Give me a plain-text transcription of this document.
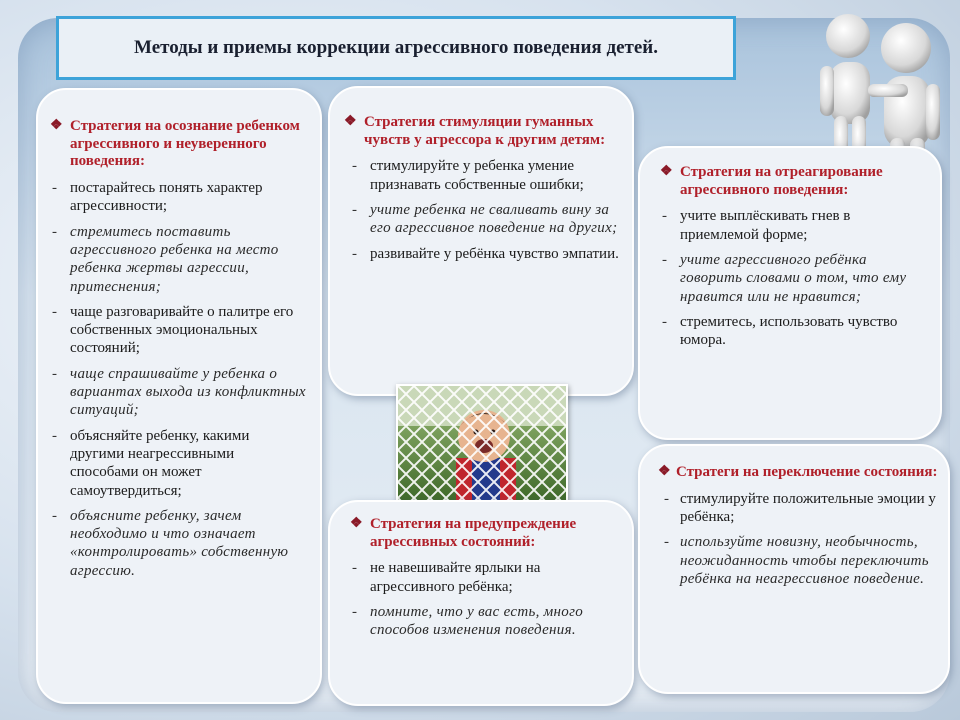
Методы и приемы коррекции агрессивного поведения детей.
❖ Стратегия на осознание ребенком агрессивного и неуверенного поведения:
- постарайтесь понять характер агрессивности;
- стремитесь поставить агрессивного ребенка на место ребенка жертвы агрессии, притеснения;
- чаще разговаривайте о палитре его собственных эмоциональных состояний;
- чаще спрашивайте у ребенка о вариантах выхода из конфликтных ситуаций;
- объясняйте ребенку, какими другими неагрессивными способами он может самоутвердиться;
- объясните ребенку, зачем необходимо и что означает «контролировать» собственную агрессию.
❖ Стратегия стимуляции гуманных чувств у агрессора к другим детям:
- стимулируйте у ребенка умение признавать собственные ошибки;
- учите ребенка не сваливать вину за его агрессивное поведение на других;
- развивайте у ребёнка чувство эмпатии.
❖ Стратегия на отреагирование агрессивного поведения:
- учите выплёскивать гнев в приемлемой форме;
- учите агрессивного ребёнка говорить словами о том, что ему нравится или не нравится;
- стремитесь, использовать чувство юмора.
❖ Стратегия на предупреждение агрессивных состояний:
- не навешивайте ярлыки на агрессивного ребёнка;
- помните, что у вас есть, много способов изменения поведения.
❖ Стратеги на переключение состояния:
- стимулируйте положительные эмоции у ребёнка;
- используйте новизну, необычность, неожиданность чтобы переключить ребёнка на неагрессивное поведение.
